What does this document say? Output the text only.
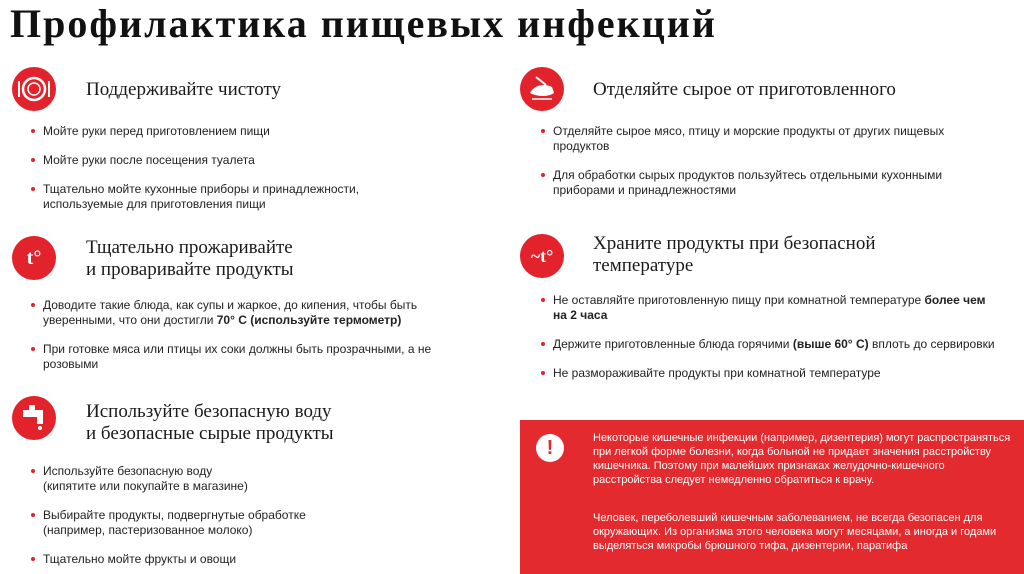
Профилактика пищевых инфекций
Поддерживайте чистоту
Мойте руки перед приготовлением пищи
Мойте руки после посещения туалета
Тщательно мойте кухонные приборы и принадлежности, используемые для приготовления пищи
t° Тщательно прожаривайте
и проваривайте продукты
Доводите такие блюда, как супы и жаркое, до кипения, чтобы быть уверенными, что они достигли 70° С (используйте термометр)
При готовке мяса или птицы их соки должны быть прозрачными, а не розовыми
Используйте безопасную воду
и безопасные сырые продукты
Используйте безопасную воду
(кипятите или покупайте в магазине)
Выбирайте продукты, подвергнутые обработке
(например, пастеризованное молоко)
Тщательно мойте фрукты и овощи
Отделяйте сырое от приготовленного
Отделяйте сырое мясо, птицу и морские продукты от других пищевых продуктов
Для обработки сырых продуктов пользуйтесь отдельными кухонными приборами и принадлежностями
~t°
Храните продукты при безопасной
температуре
Не оставляйте приготовленную пищу при комнатной температуре более чем на 2 часа
Держите приготовленные блюда горячими (выше 60° С) вплоть до сервировки
Не размораживайте продукты при комнатной температуре
!	Некоторые кишечные инфекции (например, дизентерия) могут распространяться при легкой форме болезни, когда больной не придает значения расстройству кишечника. Поэтому при малейших признаках желудочно-кишечного расстройства следует немедленно обратиться к врачу.

Человек, переболевший кишечным заболеванием, не всегда безопасен для окружающих. Из организма этого человека могут месяцами, а иногда и годами выделяться микробы брюшного тифа, дизентерии, паратифа
